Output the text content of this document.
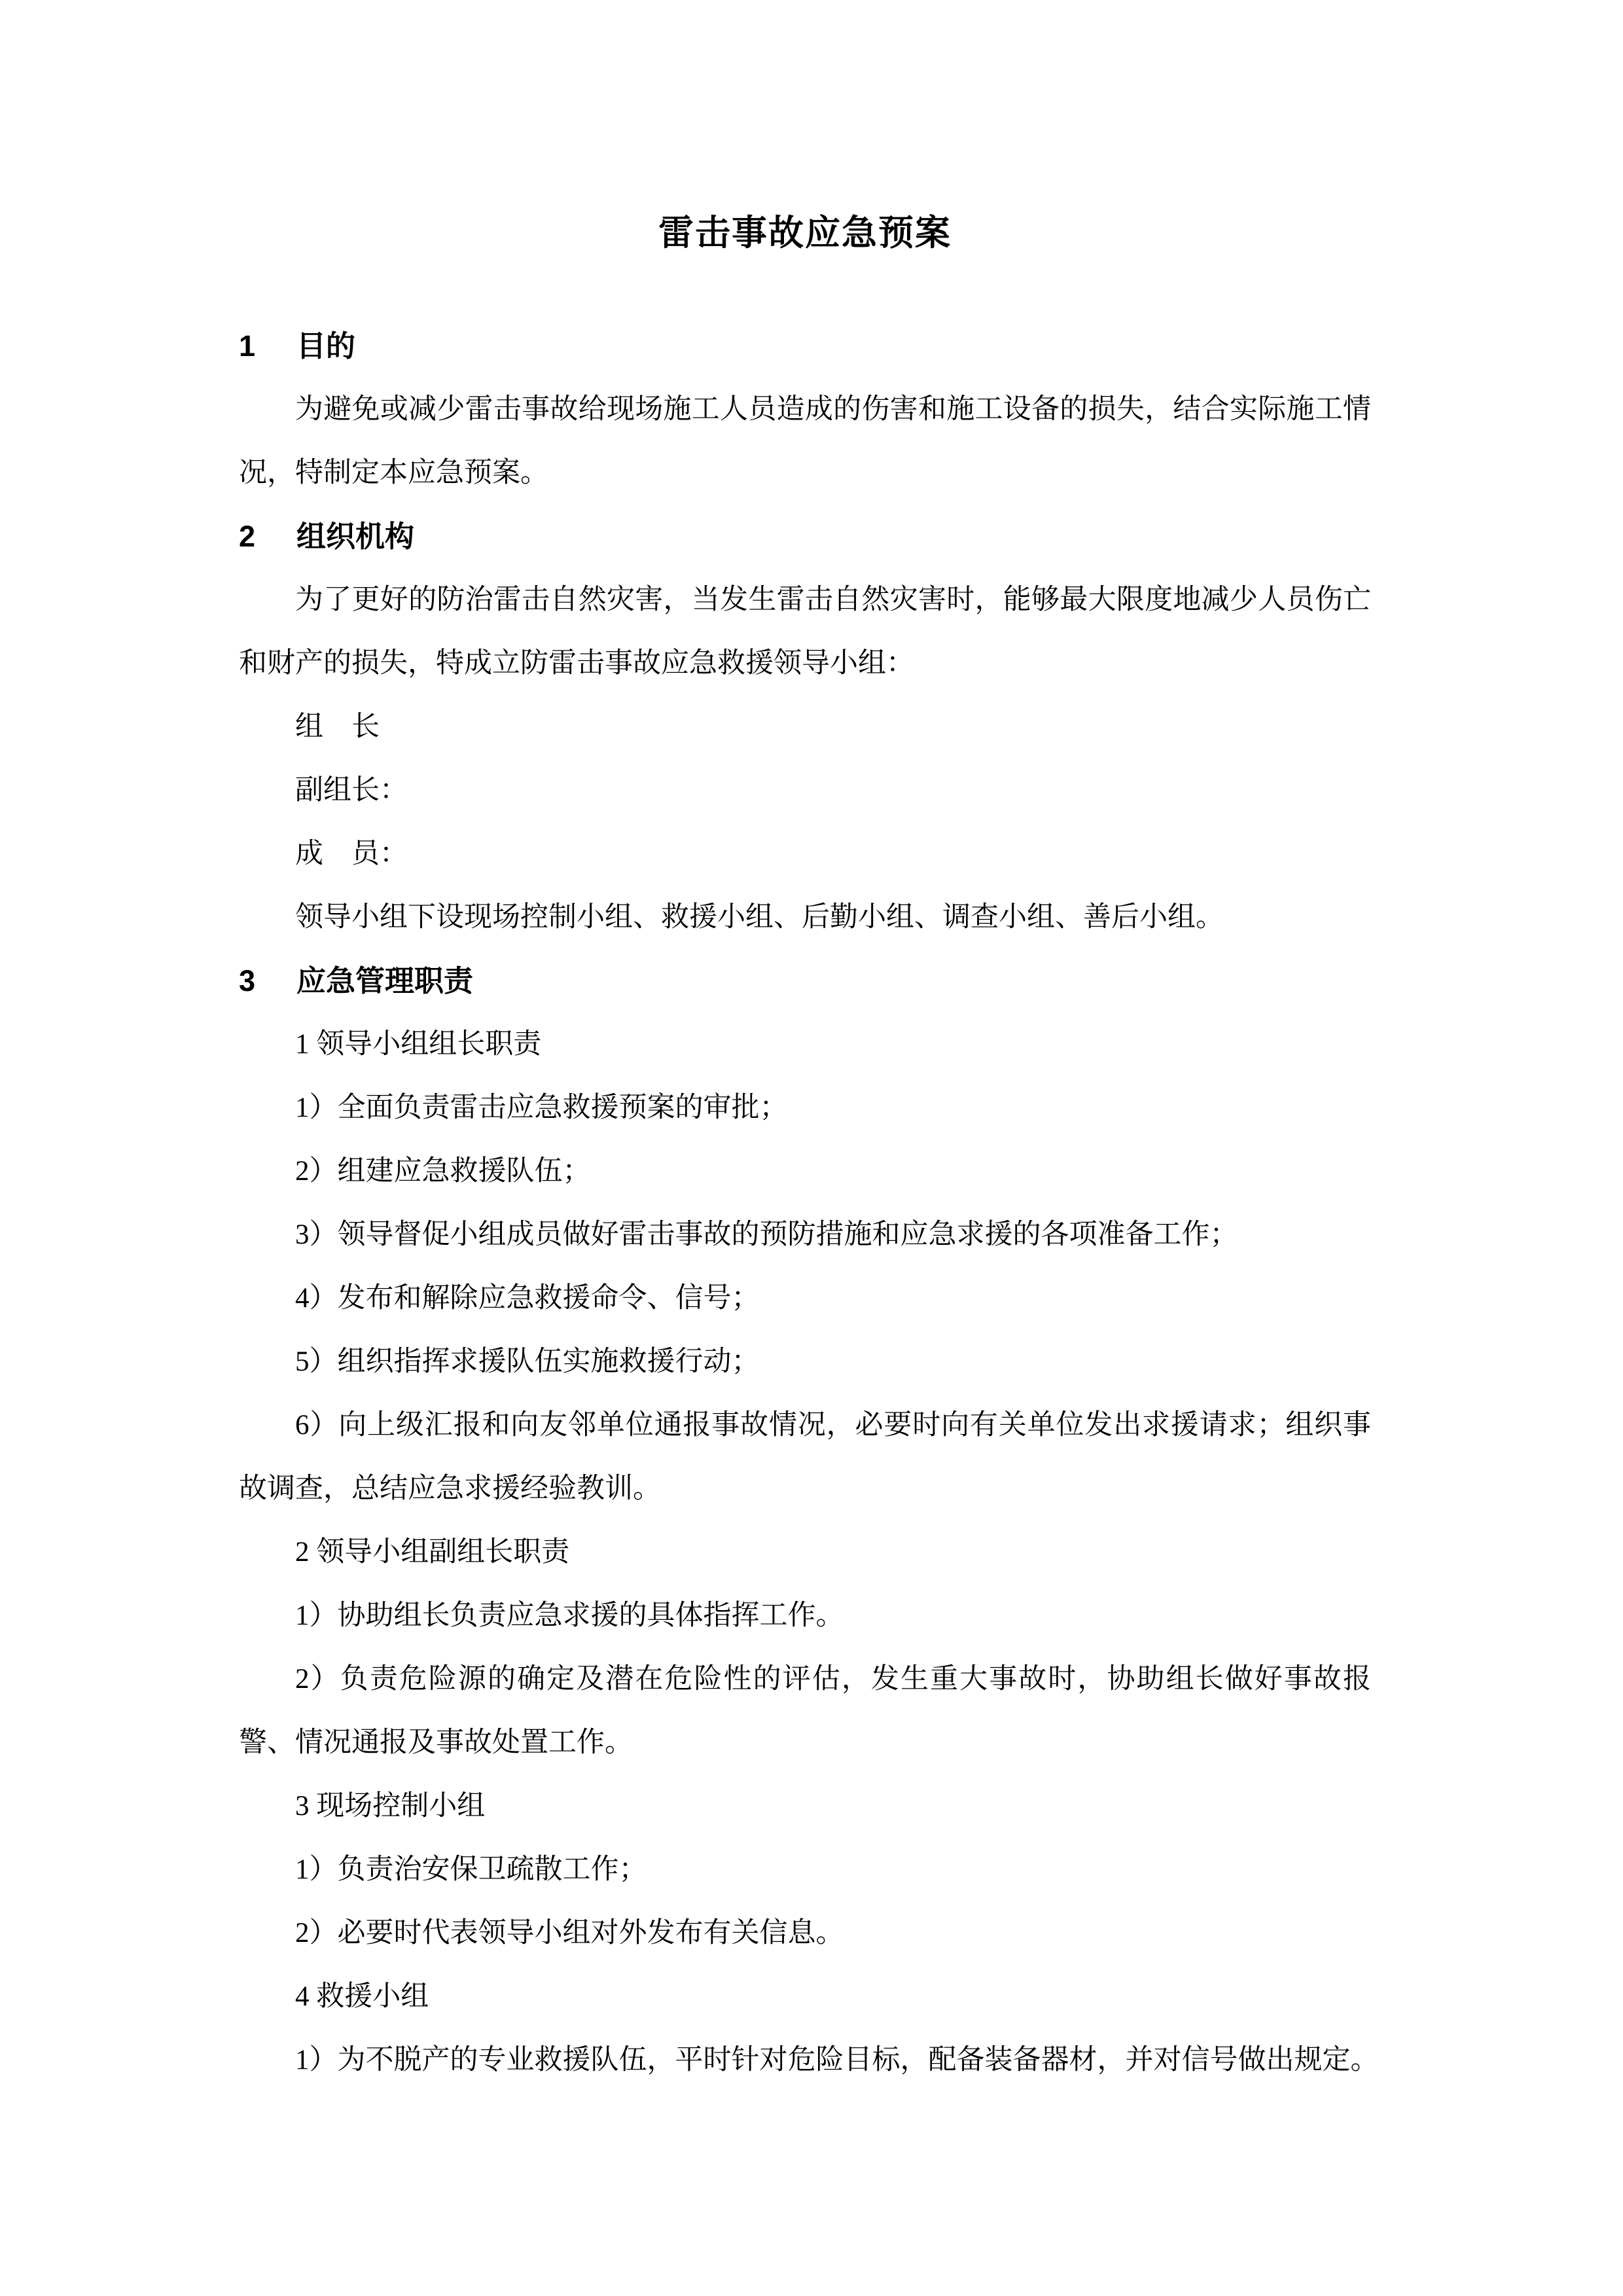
雷击事故应急预案
1 目的

为避免或减少雷击事故给现场施工人员造成的伤害和施工设备的损失，结合实际施工情况，特制定本应急预案。

2 组织机构

为了更好的防治雷击自然灾害，当发生雷击自然灾害时，能够最大限度地减少人员伤亡和财产的损失，特成立防雷击事故应急救援领导小组：

组　长

副组长：

成　员：

领导小组下设现场控制小组、救援小组、后勤小组、调查小组、善后小组。

3 应急管理职责

1 领导小组组长职责

1）全面负责雷击应急救援预案的审批；

2）组建应急救援队伍；

3）领导督促小组成员做好雷击事故的预防措施和应急求援的各项准备工作；

4）发布和解除应急救援命令、信号；

5）组织指挥求援队伍实施救援行动；

6）向上级汇报和向友邻单位通报事故情况，必要时向有关单位发出求援请求；组织事故调查，总结应急求援经验教训。

2 领导小组副组长职责

1）协助组长负责应急求援的具体指挥工作。

2）负责危险源的确定及潜在危险性的评估，发生重大事故时，协助组长做好事故报警、情况通报及事故处置工作。

3 现场控制小组

1）负责治安保卫疏散工作；

2）必要时代表领导小组对外发布有关信息。

4 救援小组

1）为不脱产的专业救援队伍，平时针对危险目标，配备装备器材，并对信号做出规定。
